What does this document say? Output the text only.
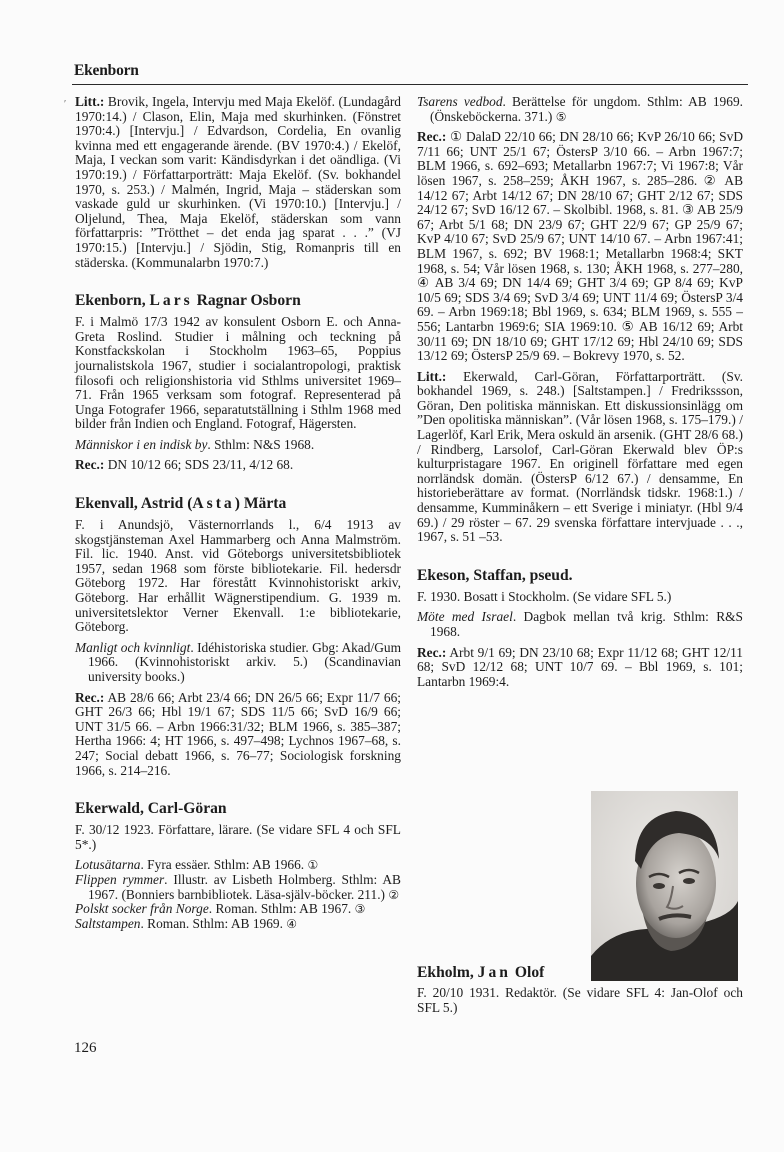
Ekenborn
ʹ Litt.: Brovik, Ingela, Intervju med Maja Ekelöf. (Lundagård 1970:14.) / Clason, Elin, Maja med skurhinken. (Fönstret 1970:4.) [Intervju.] / Edvardson, Cordelia, En ovanlig kvinna med ett engagerande ärende. (BV 1970:4.) / Ekelöf, Maja, I veckan som varit: Kändisdyrkan i det oändliga. (Vi 1970:19.) / Författarporträtt: Maja Ekelöf. (Sv. bokhandel 1970, s. 253.) / Malmén, Ingrid, Maja – städerskan som vaskade guld ur skurhinken. (Vi 1970:10.) [Intervju.] / Oljelund, Thea, Maja Ekelöf, städerskan som vann författarpris: ”Trötthet – det enda jag sparat . . .” (VJ 1970:15.) [Intervju.] / Sjödin, Stig, Romanpris till en städerska. (Kommunalarbn 1970:7.)

Ekenborn, Lars Ragnar Osborn

F. i Malmö 17/3 1942 av konsulent Osborn E. och Anna-Greta Roslind. Studier i målning och teckning på Konstfackskolan i Stockholm 1963–65, Poppius journalistskola 1967, studier i socialantropologi, praktisk filosofi och religionshistoria vid Sthlms universitet 1969–71. Från 1965 verksam som fotograf. Representerad på Unga Fotografer 1966, separatutställning i Sthlm 1968 med bilder från Indien och England. Fotograf, Hägersten.

Människor i en indisk by. Sthlm: N&S 1968.

Rec.: DN 10/12 66; SDS 23/11, 4/12 68.

Ekenvall, Astrid (Asta) Märta

F. i Anundsjö, Västernorrlands l., 6/4 1913 av skogstjänsteman Axel Hammarberg och Anna Malmström. Fil. lic. 1940. Anst. vid Göteborgs universitetsbibliotek 1957, sedan 1968 som förste bibliotekarie. Fil. hedersdr Göteborg 1972. Har förestått Kvinnohistoriskt arkiv, Göteborg. Har erhållit Wägnerstipendium. G. 1939 m. universitetslektor Verner Ekenvall. 1:e bibliotekarie, Göteborg.

Manligt och kvinnligt. Idéhistoriska studier. Gbg: Akad/Gum 1966. (Kvinnohistoriskt arkiv. 5.) (Scandinavian university books.)

Rec.: AB 28/6 66; Arbt 23/4 66; DN 26/5 66; Expr 11/7 66; GHT 26/3 66; Hbl 19/1 67; SDS 11/5 66; SvD 16/9 66; UNT 31/5 66. – Arbn 1966:31/32; BLM 1966, s. 385–387; Hertha 1966: 4; HT 1966, s. 497–498; Lychnos 1967–68, s. 247; Social debatt 1966, s. 76–77; Sociologisk forskning 1966, s. 214–216.

Ekerwald, Carl-Göran

F. 30/12 1923. Författare, lärare. (Se vidare SFL 4 och SFL 5*.)

Lotusätarna. Fyra essäer. Sthlm: AB 1966. ①

Flippen rymmer. Illustr. av Lisbeth Holmberg. Sthlm: AB 1967. (Bonniers barnbibliotek. Läsa-själv-böcker. 211.) ②

Polskt socker från Norge. Roman. Sthlm: AB 1967. ③

Saltstampen. Roman. Sthlm: AB 1969. ④

Tsarens vedbod. Berättelse för ungdom. Sthlm: AB 1969. (Önskeböckerna. 371.) ⑤

Rec.: ① DalaD 22/10 66; DN 28/10 66; KvP 26/10 66; SvD 7/11 66; UNT 25/1 67; ÖstersP 3/10 66. – Arbn 1967:7; BLM 1966, s. 692–693; Metallarbn 1967:7; Vi 1967:8; Vår lösen 1967, s. 258–259; ÅKH 1967, s. 285–286. ② AB 14/12 67; Arbt 14/12 67; DN 28/10 67; GHT 2/12 67; SDS 24/12 67; SvD 16/12 67. – Skolbibl. 1968, s. 81. ③ AB 25/9 67; Arbt 5/1 68; DN 23/9 67; GHT 22/9 67; GP 25/9 67; KvP 4/10 67; SvD 25/9 67; UNT 14/10 67. – Arbn 1967:41; BLM 1967, s. 692; BV 1968:1; Metallarbn 1968:4; SKT 1968, s. 54; Vår lösen 1968, s. 130; ÅKH 1968, s. 277–280, ④ AB 3/4 69; DN 14/4 69; GHT 3/4 69; GP 8/4 69; KvP 10/5 69; SDS 3/4 69; SvD 3/4 69; UNT 11/4 69; ÖstersP 3/4 69. – Arbn 1969:18; Bbl 1969, s. 634; BLM 1969, s. 555 –556; Lantarbn 1969:6; SIA 1969:10. ⑤ AB 16/12 69; Arbt 30/11 69; DN 18/10 69; GHT 17/12 69; Hbl 24/10 69; SDS 13/12 69; ÖstersP 25/9 69. – Bokrevy 1970, s. 52.

Litt.: Ekerwald, Carl-Göran, Författarporträtt. (Sv. bokhandel 1969, s. 248.) [Saltstampen.] / Fredrikssson, Göran, Den politiska människan. Ett diskussionsinlägg om ”Den opolitiska människan”. (Vår lösen 1968, s. 175–179.) / Lagerlöf, Karl Erik, Mera oskuld än arsenik. (GHT 28/6 68.) / Rindberg, Larsolof, Carl-Göran Ekerwald blev ÖP:s kulturpristagare 1967. En originell författare med egen norrländsk domän. (ÖstersP 6/12 67.) / densamme, En historieberättare av format. (Norrländsk tidskr. 1968:1.) / densamme, Kumminåkern – ett Sverige i miniatyr. (Hbl 9/4 69.) / 29 röster – 67. 29 svenska författare intervjuade . . ., 1967, s. 51 –53.

Ekeson, Staffan, pseud.

F. 1930. Bosatt i Stockholm. (Se vidare SFL 5.)

Möte med Israel. Dagbok mellan två krig. Sthlm: R&S 1968.

Rec.: Arbt 9/1 69; DN 23/10 68; Expr 11/12 68; GHT 12/11 68; SvD 12/12 68; UNT 10/7 69. – Bbl 1969, s. 101; Lantarbn 1969:4.

Ekholm, Jan Olof

F. 20/10 1931. Redaktör. (Se vidare SFL 4: Jan-Olof och SFL 5.)

126
